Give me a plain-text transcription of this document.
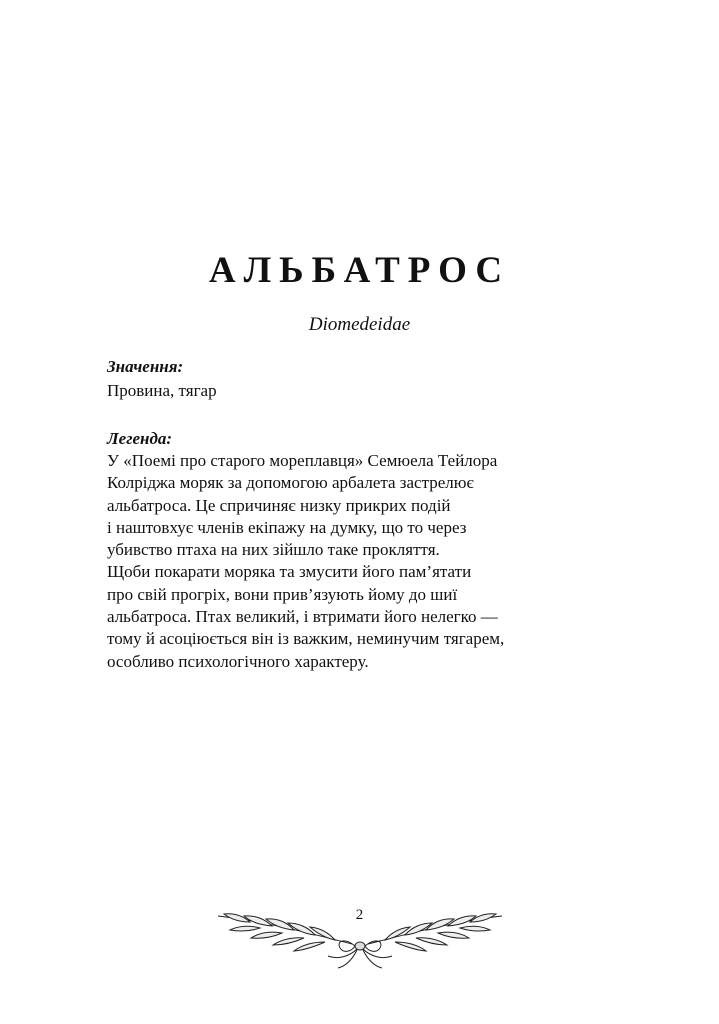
АЛЬБАТРОС
Diomedeidae
Значення:
Провина, тягар
Легенда:
У «Поемі про старого мореплавця» Семюела Тейлора
Колріджа моряк за допомогою арбалета застрелює
альбатроса. Це спричиняє низку прикрих подій
і наштовхує членів екіпажу на думку, що то через
убивство птаха на них зійшло таке прокляття.
Щоби покарати моряка та змусити його пам’ятати
про свій прогріх, вони прив’язують йому до шиї
альбатроса. Птах великий, і втримати його нелегко —
тому й асоціюється він із важким, неминучим тягарем,
особливо психологічного характеру.
2
